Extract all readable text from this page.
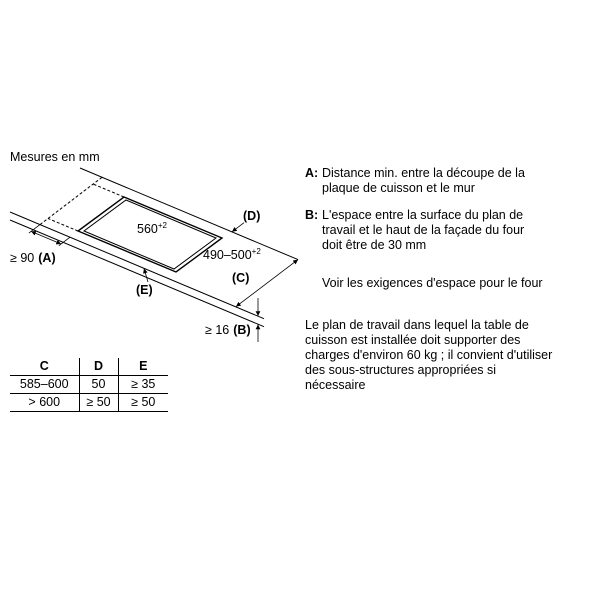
(D)
$560^{+2}$
$490-500^{+2}$
(C)
≥ 90 (A)
(E)
≥ 16 (B)
Mesures en mm
C	D	E
585–600	50	≥ 35
> 600	≥ 50	≥ 50
A: Distance min. entre la découpe de la
plaque de cuisson et le mur
B: L'espace entre la surface du plan de
travail et le haut de la façade du four
doit être de 30 mm
Voir les exigences d'espace pour le four
Le plan de travail dans lequel la table de
cuisson est installée doit supporter des
charges d'environ 60 kg ; il convient d'utiliser
des sous-structures appropriées si
nécessaire
